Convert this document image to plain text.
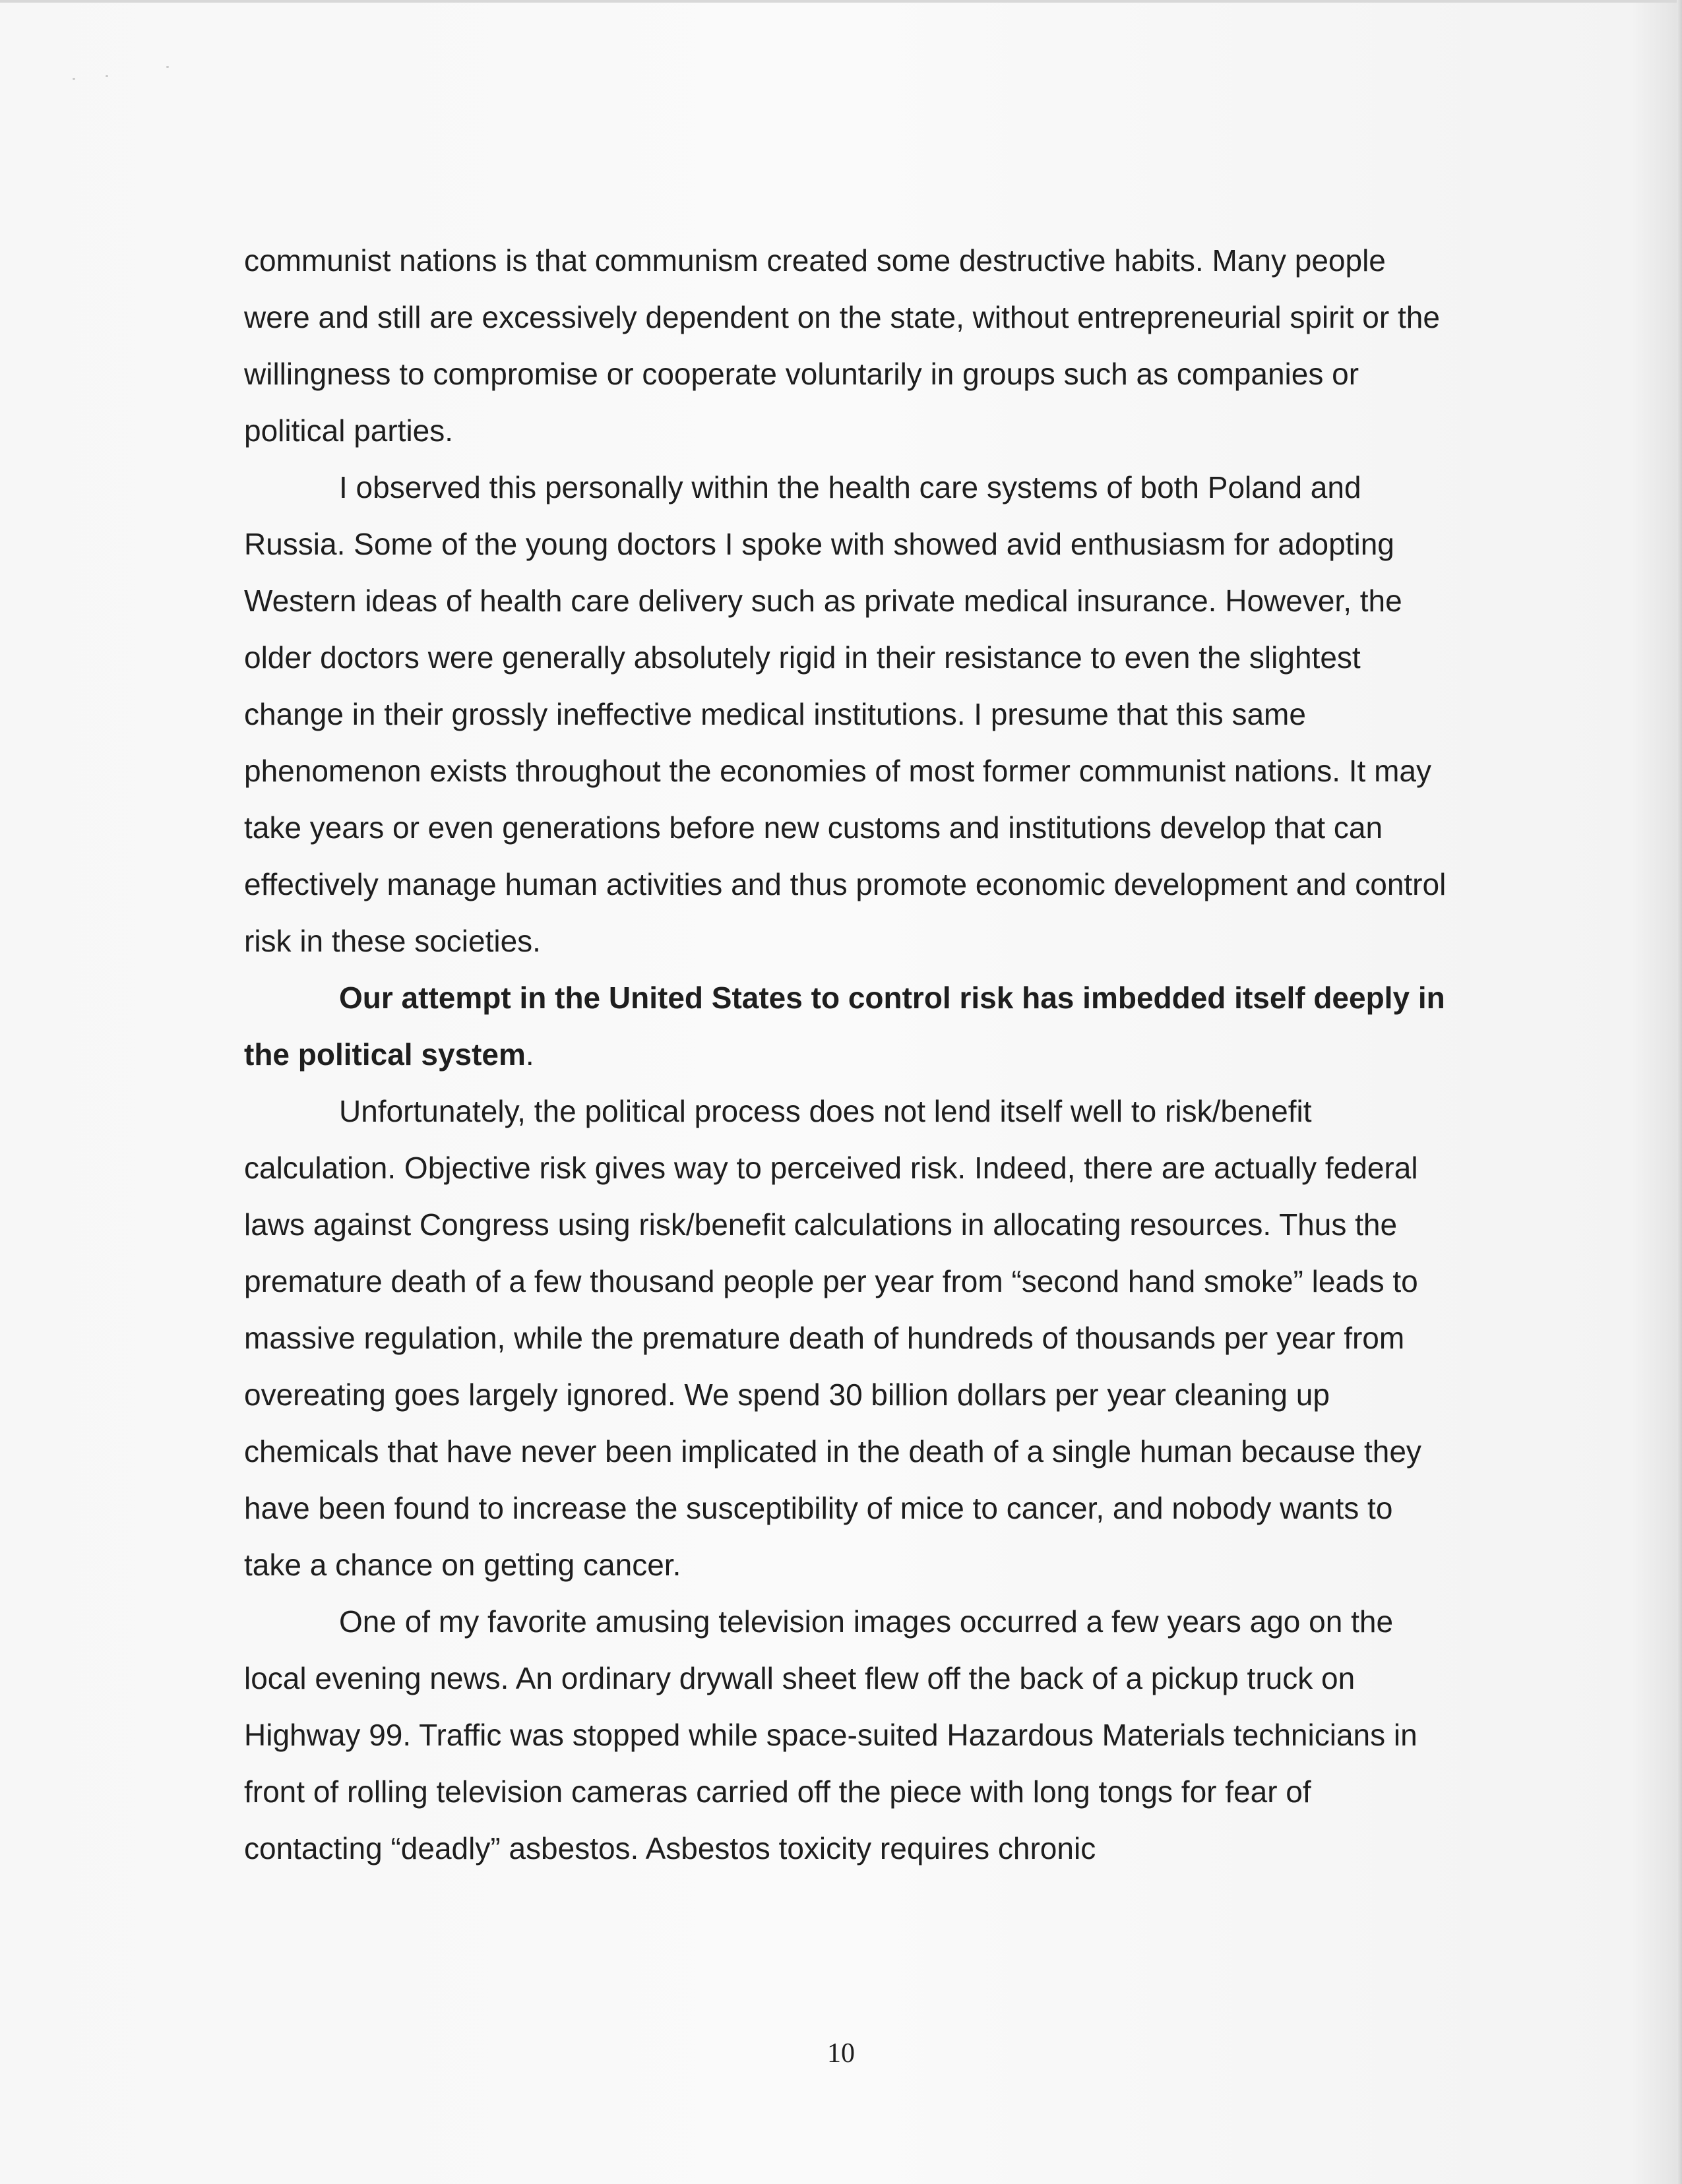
communist nations is that communism created some destructive habits. Many people were and still are excessively dependent on the state, without entrepreneurial spirit or the willingness to compromise or cooperate voluntarily in groups such as companies or political parties.

I observed this personally within the health care systems of both Poland and Russia. Some of the young doctors I spoke with showed avid enthusiasm for adopting Western ideas of health care delivery such as private medical insurance. However, the older doctors were generally absolutely rigid in their resistance to even the slightest change in their grossly ineffective medical institutions. I presume that this same phenomenon exists throughout the economies of most former communist nations. It may take years or even generations before new customs and institutions develop that can effectively manage human activities and thus promote economic development and control risk in these societies.

Our attempt in the United States to control risk has imbedded itself deeply in the political system.

Unfortunately, the political process does not lend itself well to risk/benefit calculation. Objective risk gives way to perceived risk. Indeed, there are actually federal laws against Congress using risk/benefit calculations in allocating resources. Thus the premature death of a few thousand people per year from “second hand smoke” leads to massive regulation, while the premature death of hundreds of thousands per year from overeating goes largely ignored. We spend 30 billion dollars per year cleaning up chemicals that have never been implicated in the death of a single human because they have been found to increase the susceptibility of mice to cancer, and nobody wants to take a chance on getting cancer.

One of my favorite amusing television images occurred a few years ago on the local evening news. An ordinary drywall sheet flew off the back of a pickup truck on Highway 99. Traffic was stopped while space-suited Hazardous Materials technicians in front of rolling television cameras carried off the piece with long tongs for fear of contacting “deadly” asbestos. Asbestos toxicity requires chronic

10
